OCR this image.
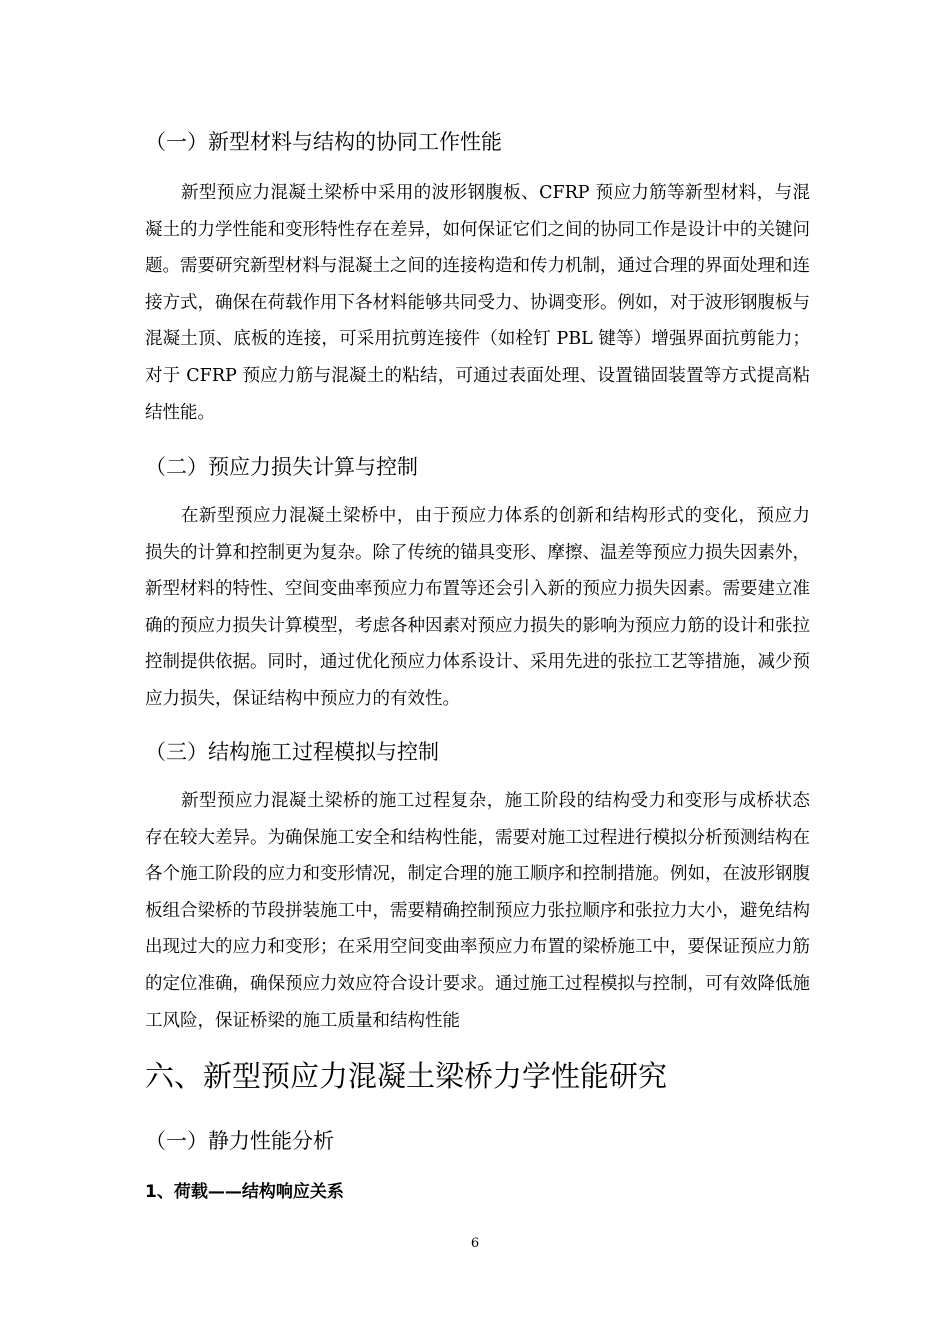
（一）新型材料与结构的协同工作性能

新型预应力混凝土梁桥中采用的波形钢腹板、CFRP 预应力筋等新型材料，与混凝土的力学性能和变形特性存在差异，如何保证它们之间的协同工作是设计中的关键问题。需要研究新型材料与混凝土之间的连接构造和传力机制，通过合理的界面处理和连接方式，确保在荷载作用下各材料能够共同受力、协调变形。例如，对于波形钢腹板与混凝土顶、底板的连接，可采用抗剪连接件（如栓钉 PBL 键等）增强界面抗剪能力；对于 CFRP 预应力筋与混凝土的粘结，可通过表面处理、设置锚固装置等方式提高粘结性能。

（二）预应力损失计算与控制

在新型预应力混凝土梁桥中，由于预应力体系的创新和结构形式的变化，预应力损失的计算和控制更为复杂。除了传统的锚具变形、摩擦、温差等预应力损失因素外，新型材料的特性、空间变曲率预应力布置等还会引入新的预应力损失因素。需要建立准确的预应力损失计算模型，考虑各种因素对预应力损失的影响为预应力筋的设计和张拉控制提供依据。同时，通过优化预应力体系设计、采用先进的张拉工艺等措施，减少预应力损失，保证结构中预应力的有效性。

（三）结构施工过程模拟与控制

新型预应力混凝土梁桥的施工过程复杂，施工阶段的结构受力和变形与成桥状态存在较大差异。为确保施工安全和结构性能，需要对施工过程进行模拟分析预测结构在各个施工阶段的应力和变形情况，制定合理的施工顺序和控制措施。例如，在波形钢腹板组合梁桥的节段拼装施工中，需要精确控制预应力张拉顺序和张拉力大小，避免结构出现过大的应力和变形；在采用空间变曲率预应力布置的梁桥施工中，要保证预应力筋的定位准确，确保预应力效应符合设计要求。通过施工过程模拟与控制，可有效降低施工风险，保证桥梁的施工质量和结构性能

六、新型预应力混凝土梁桥力学性能研究
（一）静力性能分析
1、荷载——结构响应关系
6
